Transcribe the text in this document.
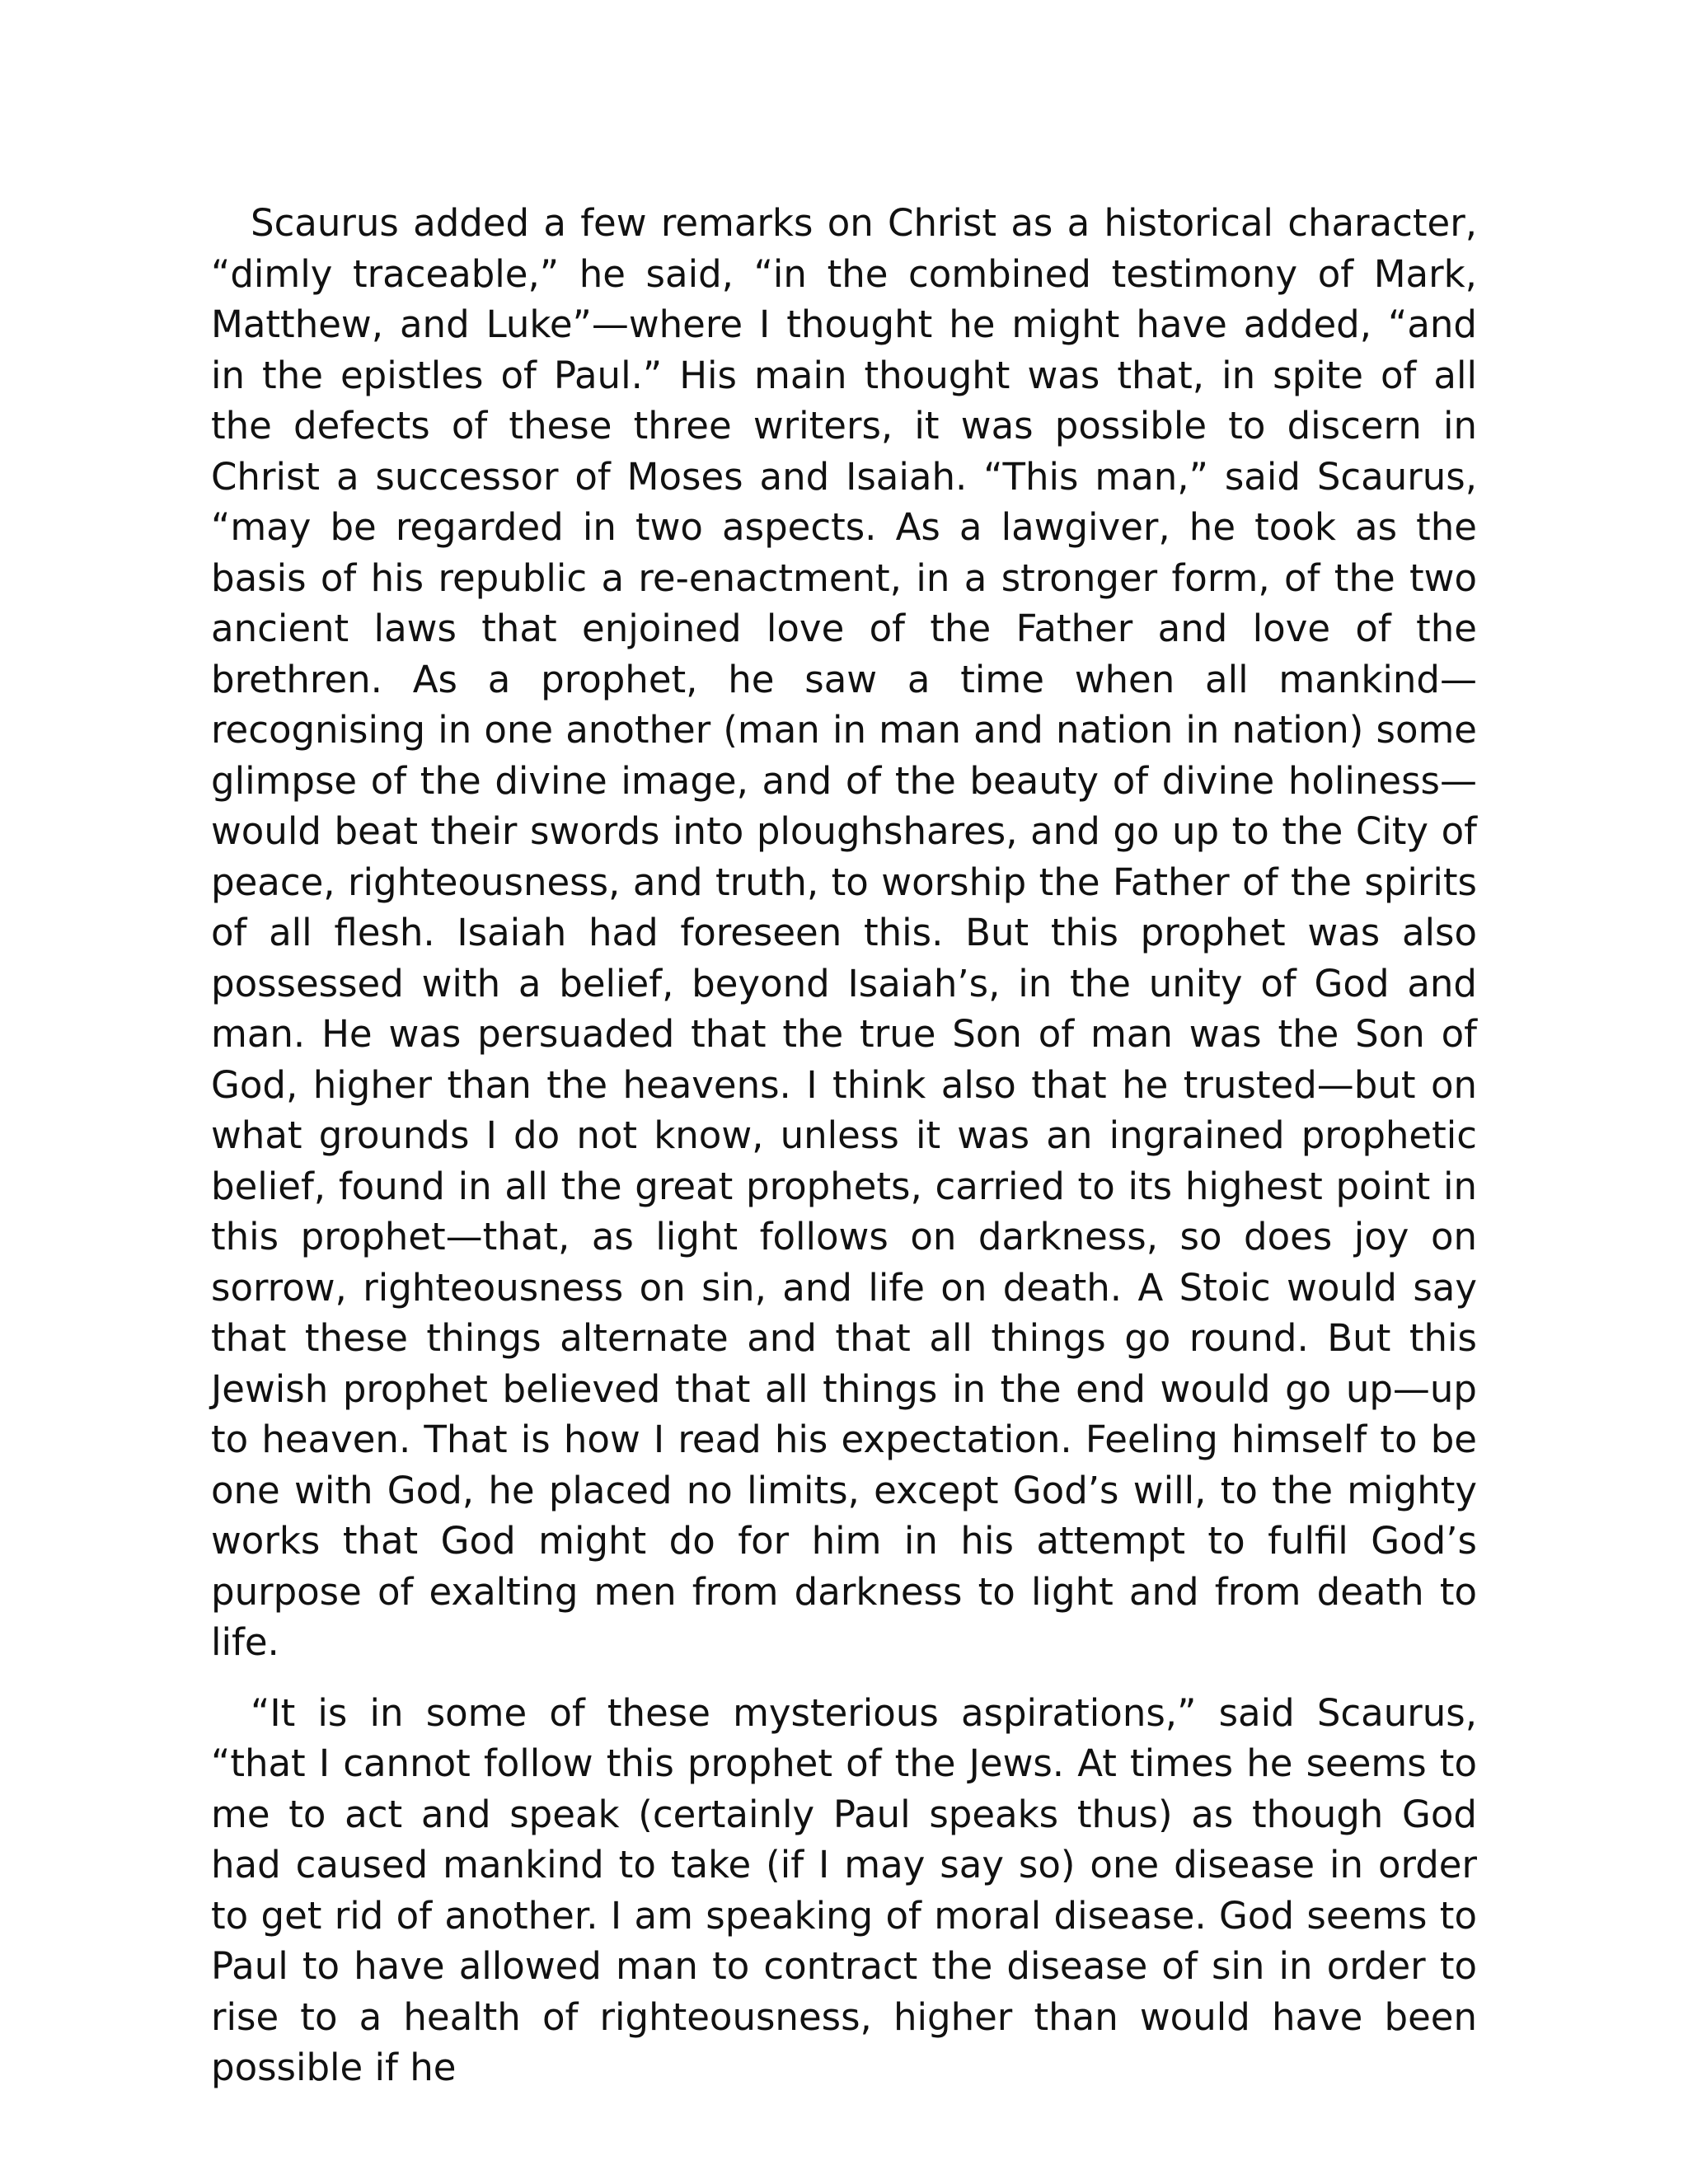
Scaurus added a few remarks on Christ as a historical character, “dimly traceable,” he said, “in the combined testimony of Mark, Matthew, and Luke”—where I thought he might have added, “and in the epistles of Paul.” His main thought was that, in spite of all the defects of these three writers, it was possible to discern in Christ a successor of Moses and Isaiah. “This man,” said Scaurus, “may be regarded in two aspects. As a lawgiver, he took as the basis of his republic a re-enactment, in a stronger form, of the two ancient laws that enjoined love of the Father and love of the brethren. As a prophet, he saw a time when all mankind—recognising in one another (man in man and nation in nation) some glimpse of the divine image, and of the beauty of divine holiness—would beat their swords into ploughshares, and go up to the City of peace, righteousness, and truth, to worship the Father of the spirits of all flesh. Isaiah had foreseen this. But this prophet was also possessed with a belief, beyond Isaiah’s, in the unity of God and man. He was persuaded that the true Son of man was the Son of God, higher than the heavens. I think also that he trusted—but on what grounds I do not know, unless it was an ingrained prophetic belief, found in all the great prophets, carried to its highest point in this prophet—that, as light follows on darkness, so does joy on sorrow, righteousness on sin, and life on death. A Stoic would say that these things alternate and that all things go round. But this Jewish prophet believed that all things in the end would go up—up to heaven. That is how I read his expectation. Feeling himself to be one with God, he placed no limits, except God’s will, to the mighty works that God might do for him in his attempt to fulfil God’s purpose of exalting men from darkness to light and from death to life.

“It is in some of these mysterious aspirations,” said Scaurus, “that I cannot follow this prophet of the Jews. At times he seems to me to act and speak (certainly Paul speaks thus) as though God had caused mankind to take (if I may say so) one disease in order to get rid of another. I am speaking of moral disease. God seems to Paul to have allowed man to contract the disease of sin in order to rise to a health of righteousness, higher than would have been possible if he
